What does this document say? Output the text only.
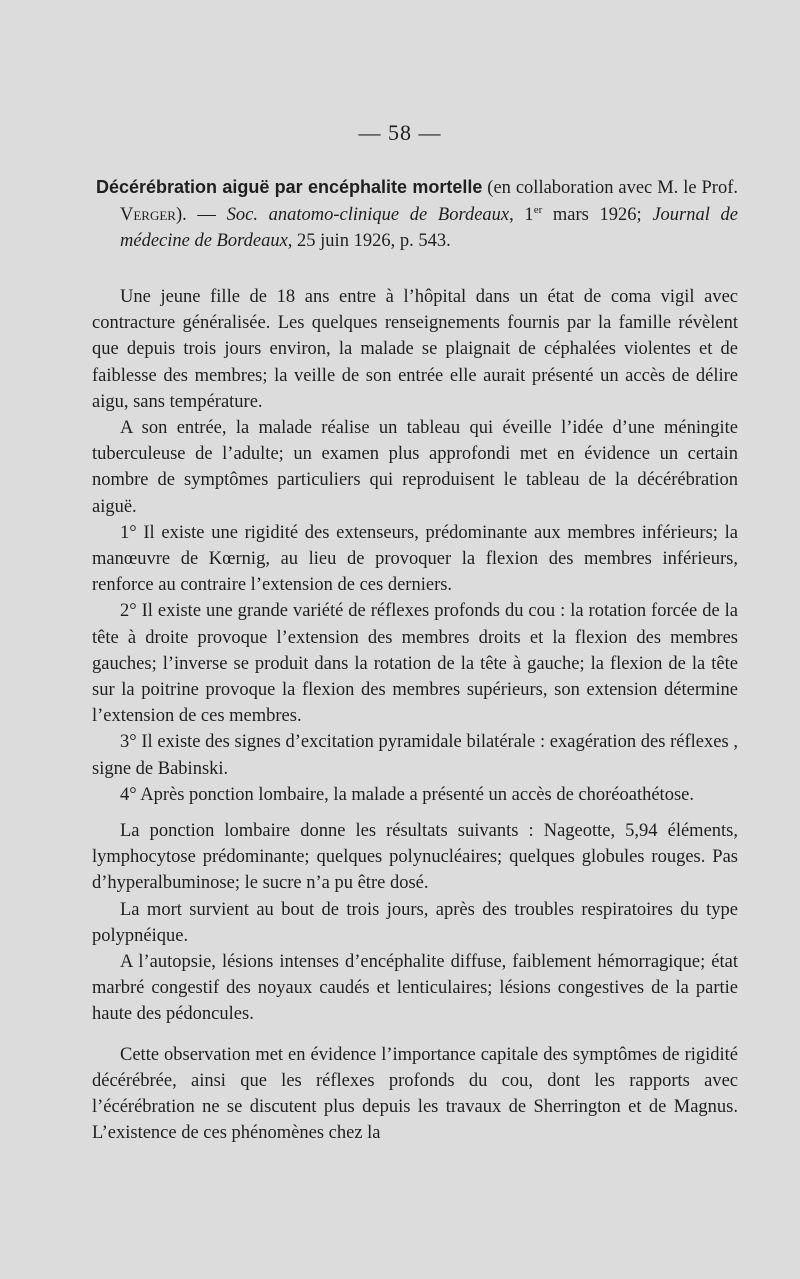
— 58 —
Décérébration aiguë par encéphalite mortelle (en collaboration avec M. le Prof. Verger). — Soc. anatomo-clinique de Bordeaux, 1er mars 1926; Journal de médecine de Bordeaux, 25 juin 1926, p. 543.

Une jeune fille de 18 ans entre à l’hôpital dans un état de coma vigil avec contracture généralisée. Les quelques renseignements fournis par la famille révèlent que depuis trois jours environ, la malade se plaignait de céphalées violentes et de faiblesse des membres; la veille de son entrée elle aurait présenté un accès de délire aigu, sans température.

A son entrée, la malade réalise un tableau qui éveille l’idée d’une méningite tuberculeuse de l’adulte; un examen plus approfondi met en évidence un certain nombre de symptômes particuliers qui reproduisent le tableau de la décérébration aiguë.

1° Il existe une rigidité des extenseurs, prédominante aux membres inférieurs; la manœuvre de Kœrnig, au lieu de provoquer la flexion des membres inférieurs, renforce au contraire l’extension de ces derniers.

2° Il existe une grande variété de réflexes profonds du cou : la rotation forcée de la tête à droite provoque l’extension des membres droits et la flexion des membres gauches; l’inverse se produit dans la rotation de la tête à gauche; la flexion de la tête sur la poitrine provoque la flexion des membres supérieurs, son extension détermine l’extension de ces membres.

3° Il existe des signes d’excitation pyramidale bilatérale : exagération des réflexes , signe de Babinski.

4° Après ponction lombaire, la malade a présenté un accès de choréoathétose.

La ponction lombaire donne les résultats suivants : Nageotte, 5,94 éléments, lymphocytose prédominante; quelques polynucléaires; quelques globules rouges. Pas d’hyperalbuminose; le sucre n’a pu être dosé.

La mort survient au bout de trois jours, après des troubles respiratoires du type polypnéique.

A l’autopsie, lésions intenses d’encéphalite diffuse, faiblement hémorragique; état marbré congestif des noyaux caudés et lenticulaires; lésions congestives de la partie haute des pédoncules.

Cette observation met en évidence l’importance capitale des symptômes de rigidité décérébrée, ainsi que les réflexes profonds du cou, dont les rapports avec l’écérébration ne se discutent plus depuis les travaux de Sherrington et de Magnus. L’existence de ces phénomènes chez la
